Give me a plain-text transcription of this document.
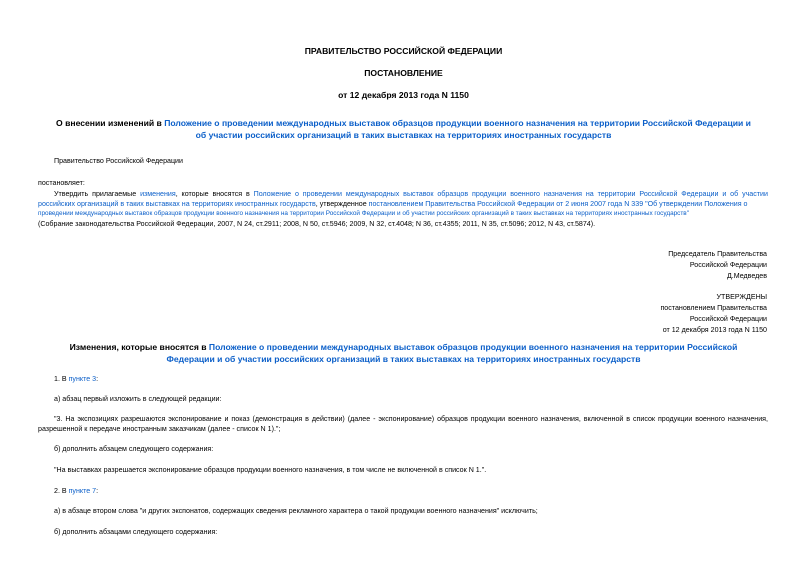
ПРАВИТЕЛЬСТВО РОССИЙСКОЙ ФЕДЕРАЦИИ
ПОСТАНОВЛЕНИЕ
от 12 декабря 2013 года N 1150
О внесении изменений в Положение о проведении международных выставок образцов продукции военного назначения на территории Российской Федерации и
об участии российских организаций в таких выставках на территориях иностранных государств
Правительство Российской Федерации
постановляет:
Утвердить прилагаемые изменения, которые вносятся в Положение о проведении международных выставок образцов продукции военного назначения на территории Российской Федерации и об участии
российских организаций в таких выставках на территориях иностранных государств, утвержденное постановлением Правительства Российской Федерации от 2 июня 2007 года N 339 "Об утверждении Положения о
проведении международных выставок образцов продукции военного назначения на территории Российской Федерации и об участии российских организаций в таких выставках на территориях иностранных государств"
(Собрание законодательства Российской Федерации, 2007, N 24, ст.2911; 2008, N 50, ст.5946; 2009, N 32, ст.4048; N 36, ст.4355; 2011, N 35, ст.5096; 2012, N 43, ст.5874).
Председатель Правительства
Российской Федерации
Д.Медведев
УТВЕРЖДЕНЫ
постановлением Правительства
Российской Федерации
от 12 декабря 2013 года N 1150
Изменения, которые вносятся в Положение о проведении международных выставок образцов продукции военного назначения на территории Российской
Федерации и об участии российских организаций в таких выставках на территориях иностранных государств
1. В пункте 3:
а) абзац первый изложить в следующей редакции:
"3. На экспозициях разрешаются экспонирование и показ (демонстрация в действии) (далее - экспонирование) образцов продукции военного назначения, включенной в список продукции военного назначения,
разрешенной к передаче иностранным заказчикам (далее - список N 1).";
б) дополнить абзацем следующего содержания:
"На выставках разрешается экспонирование образцов продукции военного назначения, в том числе не включенной в список N 1.".
2. В пункте 7:
а) в абзаце втором слова "и других экспонатов, содержащих сведения рекламного характера о такой продукции военного назначения" исключить;
б) дополнить абзацами следующего содержания:
